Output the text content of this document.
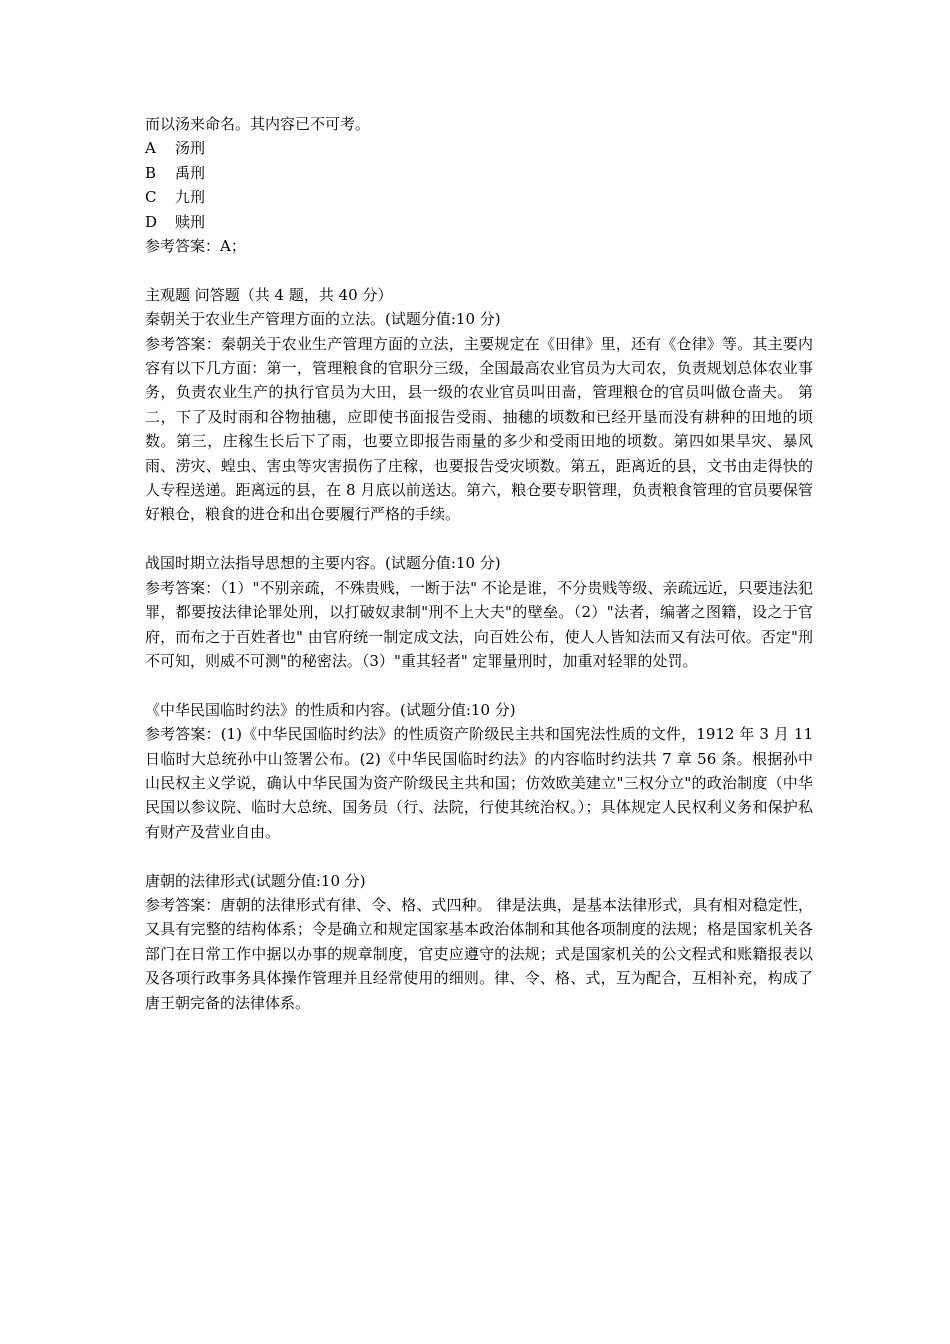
而以汤来命名。其内容已不可考。

A 汤刑

B 禹刑

C 九刑

D 赎刑

参考答案：A；

主观题 问答题（共 4 题，共 40 分）

秦朝关于农业生产管理方面的立法。(试题分值:10 分)

参考答案：秦朝关于农业生产管理方面的立法，主要规定在《田律》里，还有《仓律》等。其主要内容有以下几方面：第一，管理粮食的官职分三级，全国最高农业官员为大司农，负责规划总体农业事务，负责农业生产的执行官员为大田，县一级的农业官员叫田啬，管理粮仓的官员叫做仓啬夫。 第二，下了及时雨和谷物抽穗，应即使书面报告受雨、抽穗的顷数和已经开垦而没有耕种的田地的顷数。第三，庄稼生长后下了雨，也要立即报告雨量的多少和受雨田地的顷数。第四如果旱灾、暴风雨、涝灾、蝗虫、害虫等灾害损伤了庄稼，也要报告受灾顷数。第五，距离近的县，文书由走得快的人专程送递。距离远的县，在 8 月底以前送达。第六，粮仓要专职管理，负责粮食管理的官员要保管好粮仓，粮食的进仓和出仓要履行严格的手续。

战国时期立法指导思想的主要内容。(试题分值:10 分)

参考答案：（1）"不别亲疏，不殊贵贱，一断于法" 不论是谁，不分贵贱等级、亲疏远近，只要违法犯罪，都要按法律论罪处刑，以打破奴隶制"刑不上大夫"的壁垒。（2）"法者，编著之图籍，设之于官府，而布之于百姓者也" 由官府统一制定成文法，向百姓公布，使人人皆知法而又有法可依。否定"刑不可知，则威不可测"的秘密法。（3）"重其轻者" 定罪量刑时，加重对轻罪的处罚。

《中华民国临时约法》的性质和内容。(试题分值:10 分)

参考答案：(1)《中华民国临时约法》的性质资产阶级民主共和国宪法性质的文件，1912 年 3 月 11 日临时大总统孙中山签署公布。(2)《中华民国临时约法》的内容临时约法共 7 章 56 条。根据孙中山民权主义学说，确认中华民国为资产阶级民主共和国；仿效欧美建立"三权分立"的政治制度（中华民国以参议院、临时大总统、国务员（行、法院，行使其统治权。）；具体规定人民权利义务和保护私有财产及营业自由。

唐朝的法律形式(试题分值:10 分)

参考答案：唐朝的法律形式有律、令、格、式四种。 律是法典，是基本法律形式，具有相对稳定性，又具有完整的结构体系；令是确立和规定国家基本政治体制和其他各项制度的法规；格是国家机关各部门在日常工作中据以办事的规章制度，官吏应遵守的法规；式是国家机关的公文程式和账籍报表以及各项行政事务具体操作管理并且经常使用的细则。律、令、格、式，互为配合，互相补充，构成了唐王朝完备的法律体系。
